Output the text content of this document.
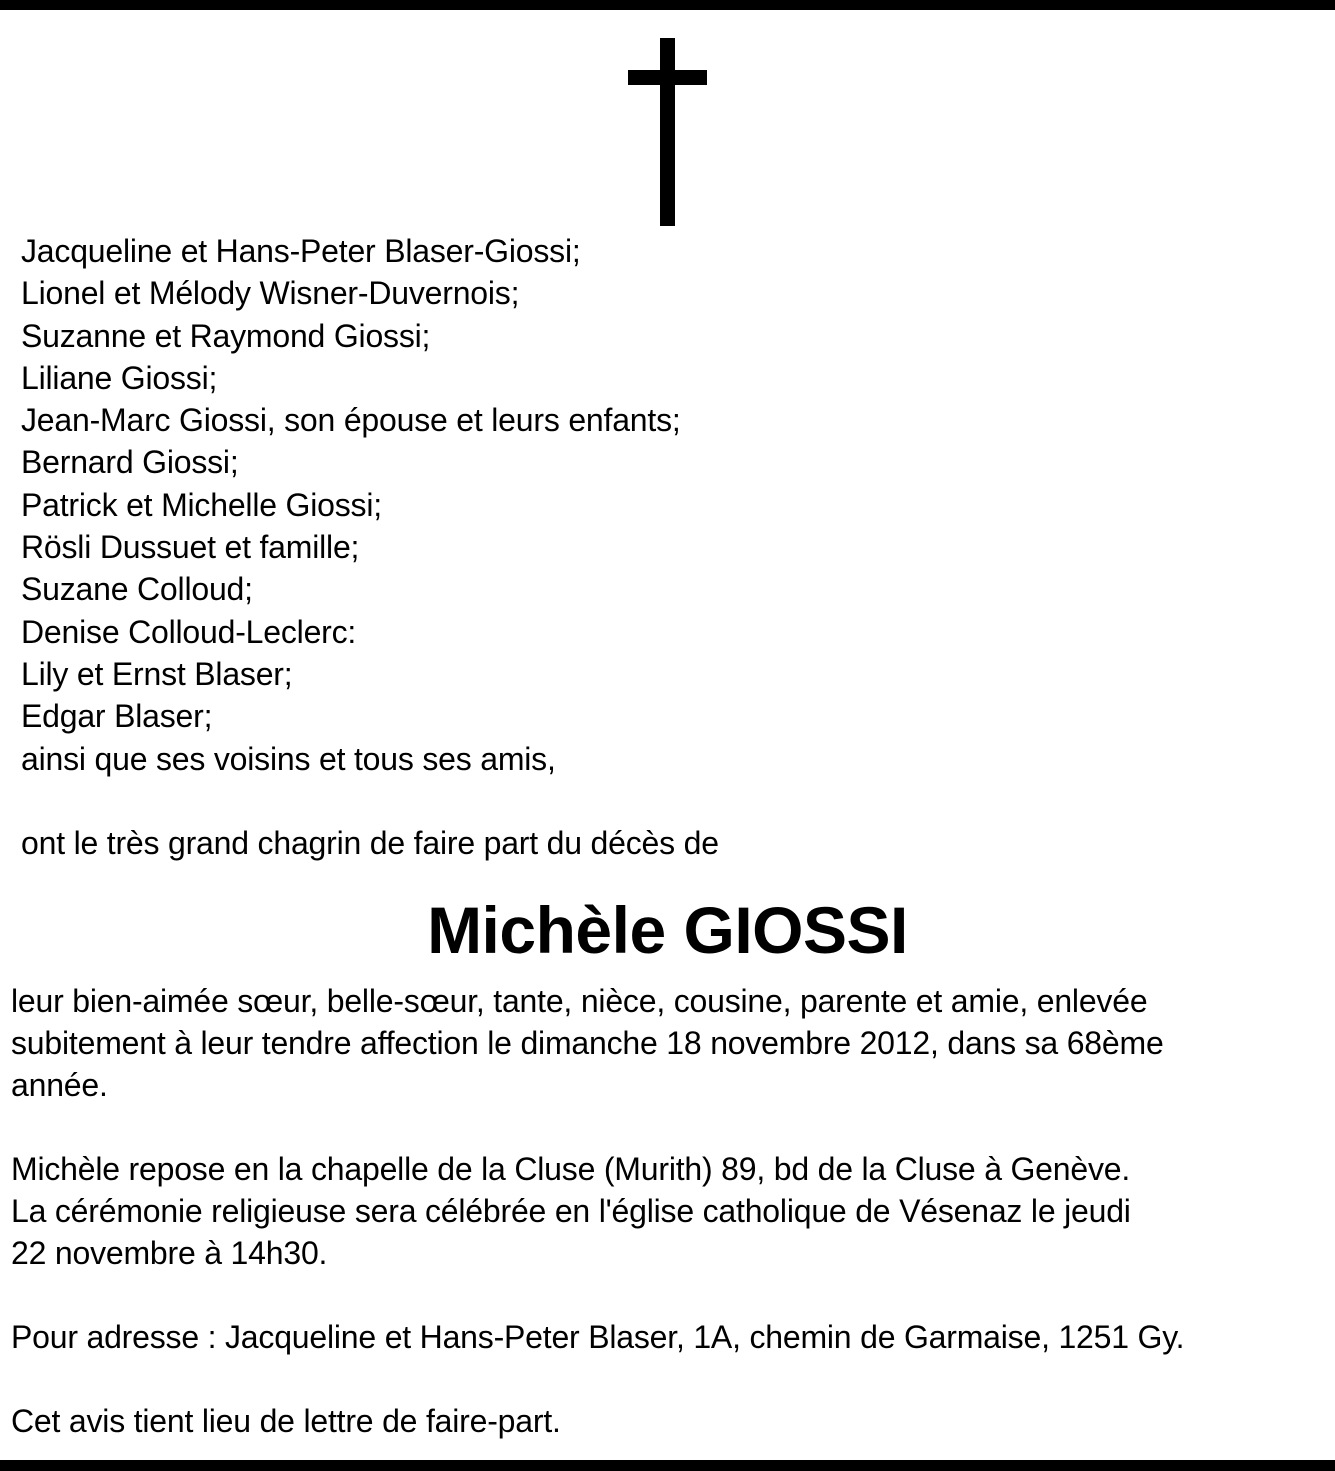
Jacqueline et Hans-Peter Blaser-Giossi;
Lionel et Mélody Wisner-Duvernois;
Suzanne et Raymond Giossi;
Liliane Giossi;
Jean-Marc Giossi, son épouse et leurs enfants;
Bernard Giossi;
Patrick et Michelle Giossi;
Rösli Dussuet et famille;
Suzane Colloud;
Denise Colloud-Leclerc:
Lily et Ernst Blaser;
Edgar Blaser;
ainsi que ses voisins et tous ses amis,
ont le très grand chagrin de faire part du décès de
Michèle GIOSSI

leur bien-aimée sœur, belle-sœur, tante, nièce, cousine, parente et amie, enlevée
subitement à leur tendre affection le dimanche 18 novembre 2012, dans sa 68ème
année.

Michèle repose en la chapelle de la Cluse (Murith) 89, bd de la Cluse à Genève.
La cérémonie religieuse sera célébrée en l'église catholique de Vésenaz le jeudi
22 novembre à 14h30.

Pour adresse : Jacqueline et Hans-Peter Blaser, 1A, chemin de Garmaise, 1251 Gy.

Cet avis tient lieu de lettre de faire-part.
